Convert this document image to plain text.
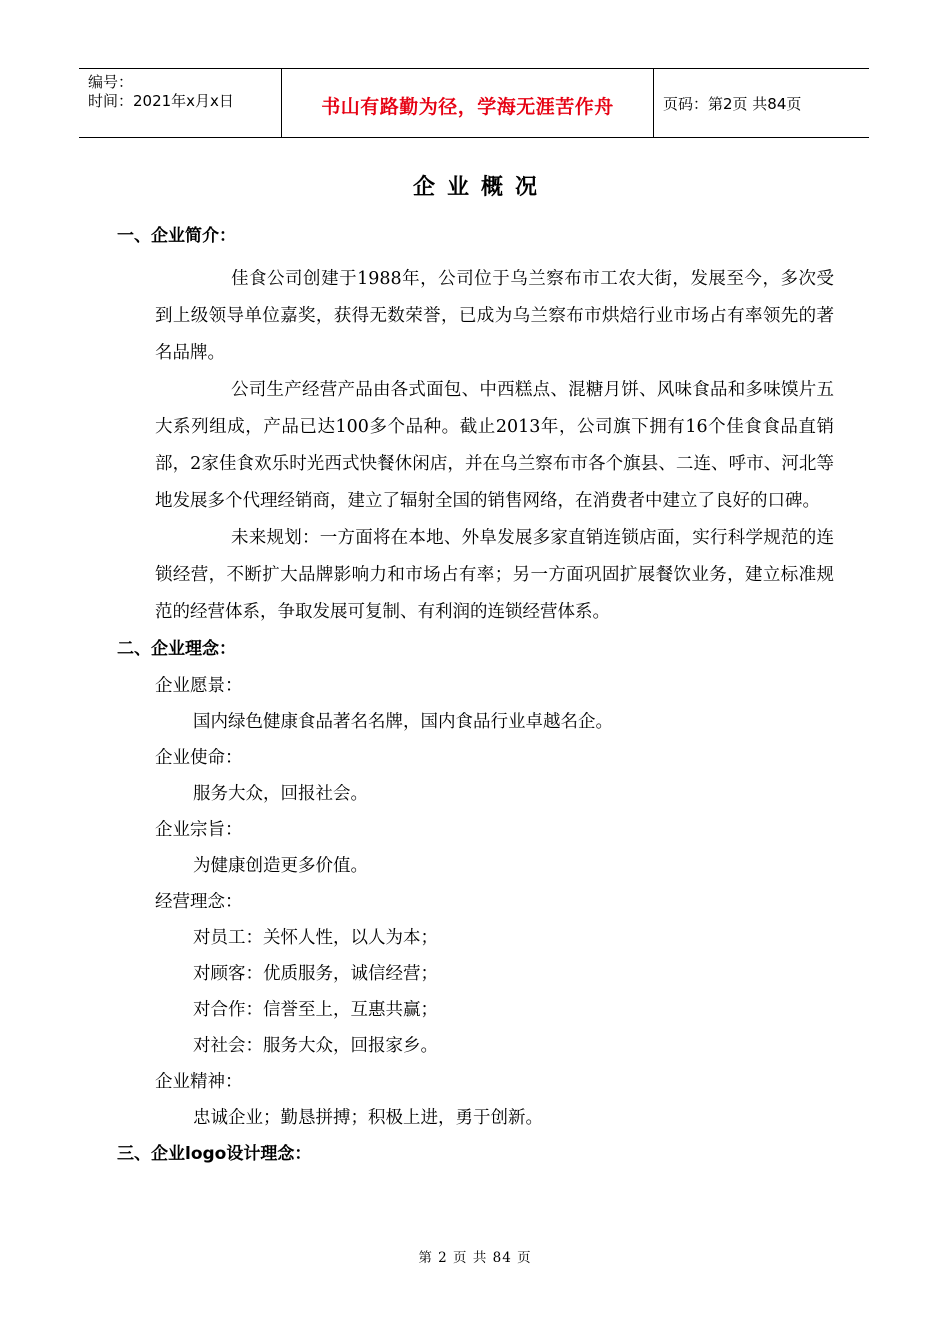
编号：
时间：2021年x月x日	书山有路勤为径，学海无涯苦作舟	页码：第2页 共84页
企业概况
一、企业简介：
佳食公司创建于1988年，公司位于乌兰察布市工农大街，发展至今，多次受到上级领导单位嘉奖，获得无数荣誉，已成为乌兰察布市烘焙行业市场占有率领先的著名品牌。
公司生产经营产品由各式面包、中西糕点、混糖月饼、风味食品和多味馍片五大系列组成，产品已达100多个品种。截止2013年，公司旗下拥有16个佳食食品直销部，2家佳食欢乐时光西式快餐休闲店，并在乌兰察布市各个旗县、二连、呼市、河北等地发展多个代理经销商，建立了辐射全国的销售网络，在消费者中建立了良好的口碑。
未来规划：一方面将在本地、外阜发展多家直销连锁店面，实行科学规范的连锁经营，不断扩大品牌影响力和市场占有率；另一方面巩固扩展餐饮业务，建立标准规范的经营体系，争取发展可复制、有利润的连锁经营体系。
二、企业理念：
企业愿景：
国内绿色健康食品著名名牌，国内食品行业卓越名企。
企业使命：
服务大众，回报社会。
企业宗旨：
为健康创造更多价值。
经营理念：
对员工：关怀人性，以人为本；
对顾客：优质服务，诚信经营；
对合作：信誉至上，互惠共赢；
对社会：服务大众，回报家乡。
企业精神：
忠诚企业；勤恳拼搏；积极上进，勇于创新。
三、企业logo设计理念：
第 2 页 共 84 页
